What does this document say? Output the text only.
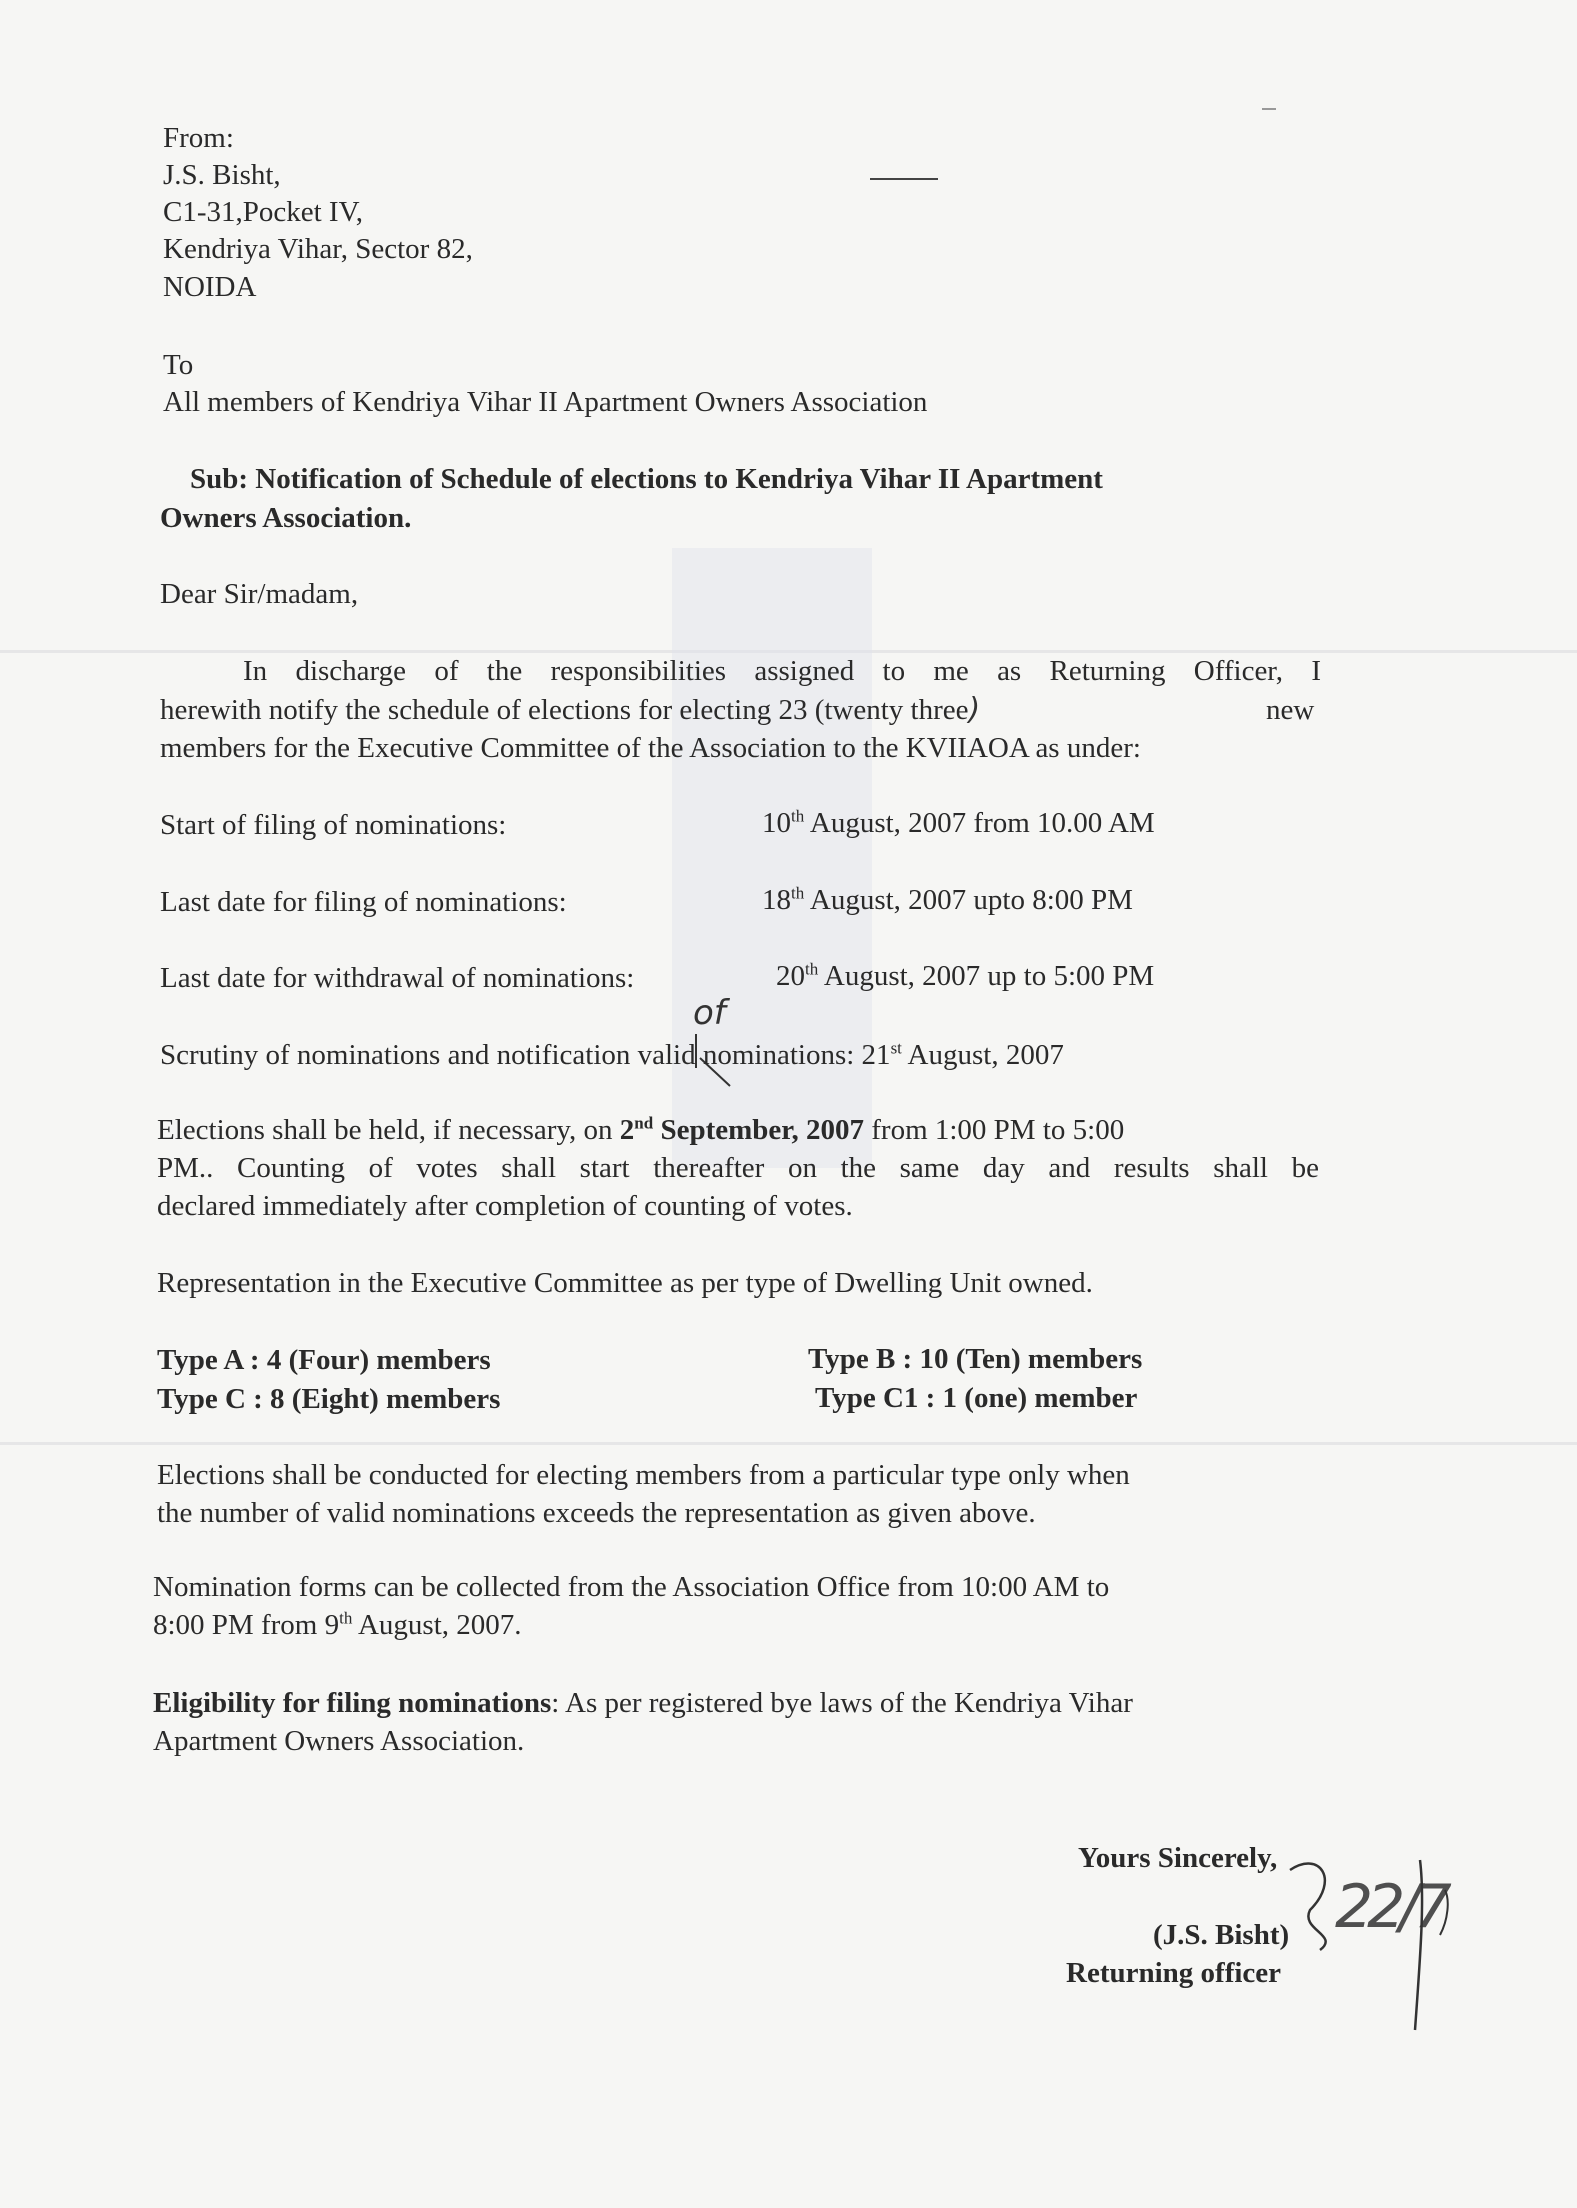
From:
J.S. Bisht,
C1-31,Pocket IV,
Kendriya Vihar, Sector 82,
NOIDA
To
All members of Kendriya Vihar II Apartment Owners Association
Sub: Notification of Schedule of elections to Kendriya Vihar II Apartment
Owners Association.
Dear Sir/madam,
In discharge of the responsibilities assigned to me as Returning Officer, I
herewith notify the schedule of elections for electing 23 (twenty three )	new
members for the Executive Committee of the Association to the KVIIAOA as under:
Start of filing of nominations:	10th August, 2007 from 10.00 AM
Last date for filing of nominations:	18th August, 2007 upto 8:00 PM
Last date for withdrawal of nominations:	20th August, 2007 up to 5:00 PM
of
Scrutiny of nominations and notification valid nominations: 21st August, 2007
Elections shall be held, if necessary, on 2nd September, 2007 from 1:00 PM to 5:00
PM.. Counting of votes shall start thereafter on the same day and results shall be
declared immediately after completion of counting of votes.
Representation in the Executive Committee as per type of Dwelling Unit owned.
Type A : 4 (Four) members	Type B : 10 (Ten) members
Type C : 8 (Eight) members	Type C1 : 1 (one) member
Elections shall be conducted for electing members from a particular type only when
the number of valid nominations exceeds the representation as given above.
Nomination forms can be collected from the Association Office from 10:00 AM to
8:00 PM from 9th August, 2007.
Eligibility for filing nominations: As per registered bye laws of the Kendriya Vihar
Apartment Owners Association.
Yours Sincerely,
(J.S. Bisht)
Returning officer
22/7
